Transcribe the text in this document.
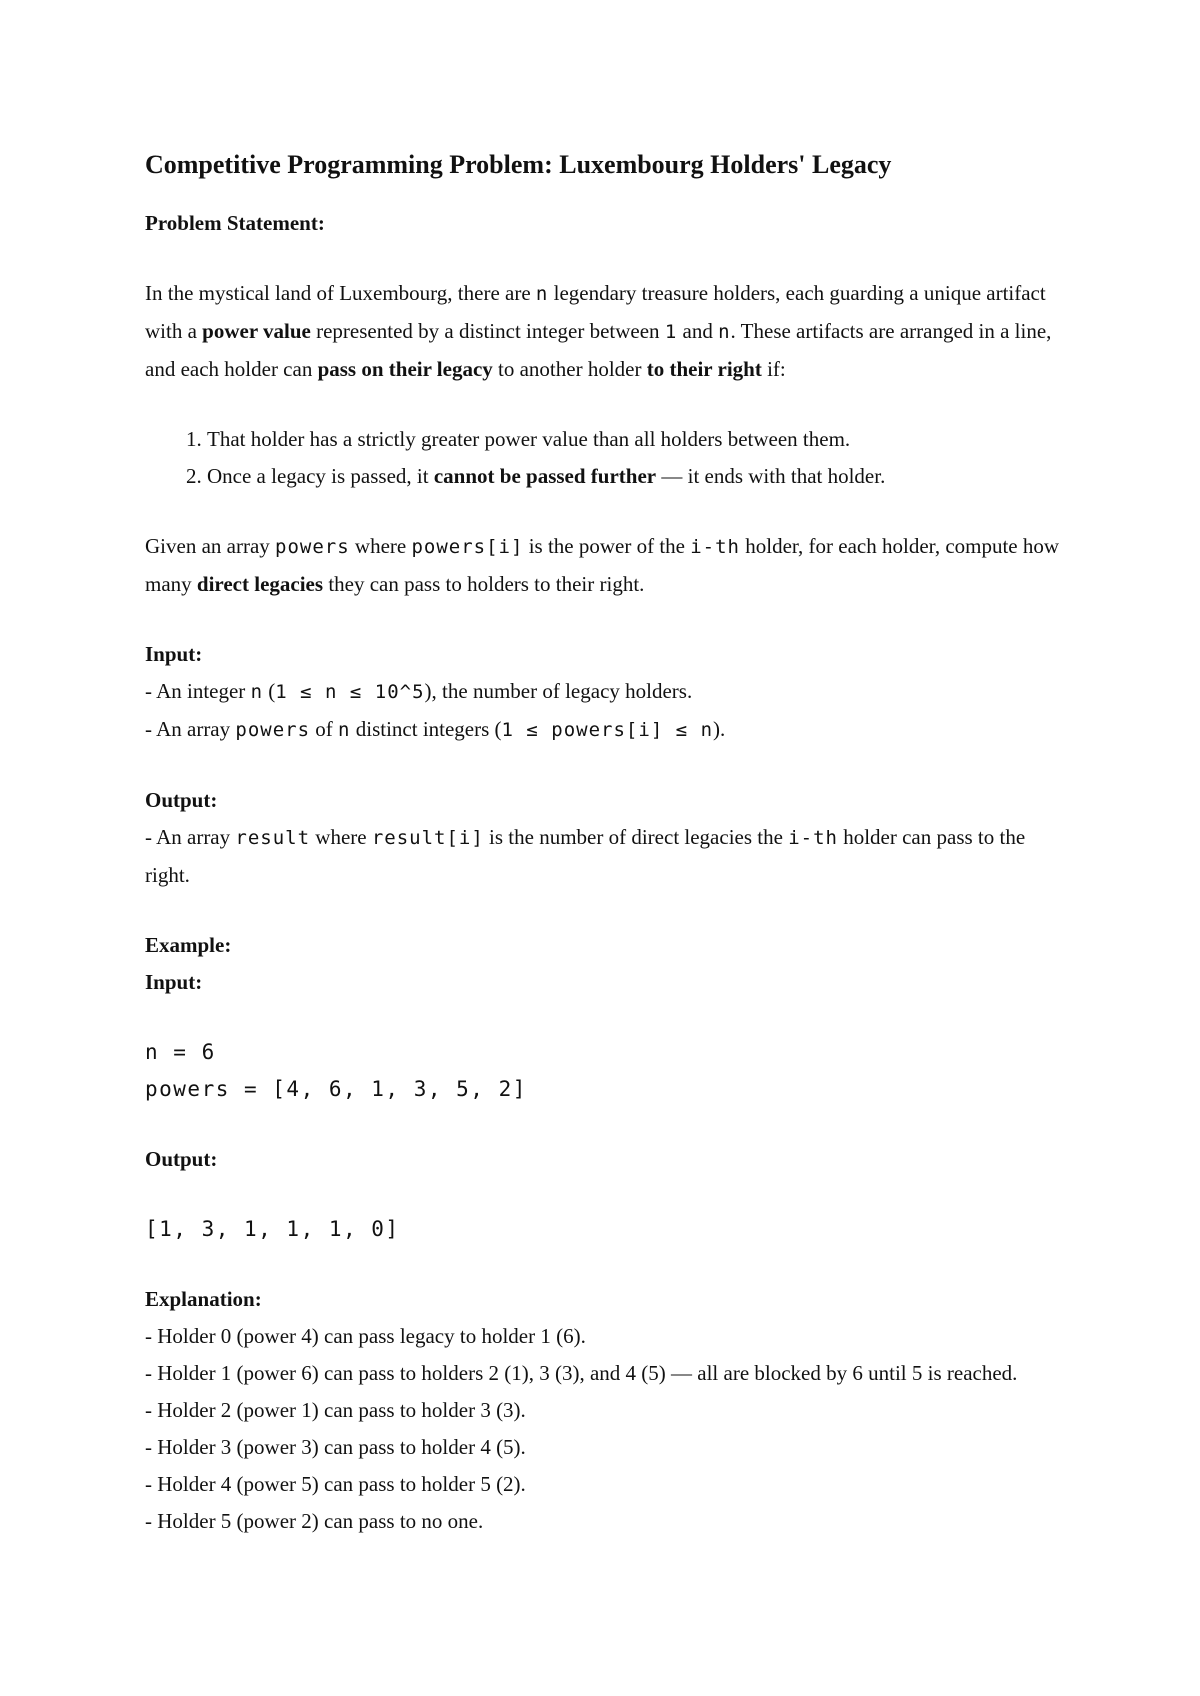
Competitive Programming Problem: Luxembourg Holders' Legacy

Problem Statement:

In the mystical land of Luxembourg, there are n legendary treasure holders, each guarding a unique artifact with a power value represented by a distinct integer between 1 and n. These artifacts are arranged in a line, and each holder can pass on their legacy to another holder to their right if:

1. That holder has a strictly greater power value than all holders between them.
2. Once a legacy is passed, it cannot be passed further — it ends with that holder.

Given an array powers where powers[i] is the power of the i-th holder, for each holder, compute how many direct legacies they can pass to holders to their right.

Input:

- An integer n (1 ≤ n ≤ 10^5), the number of legacy holders.

- An array powers of n distinct integers (1 ≤ powers[i] ≤ n).

Output:

- An array result where result[i] is the number of direct legacies the i-th holder can pass to the right.

Example:

Input:

n = 6
powers = [4, 6, 1, 3, 5, 2]

Output:

[1, 3, 1, 1, 1, 0]

Explanation:

- Holder 0 (power 4) can pass legacy to holder 1 (6).

- Holder 1 (power 6) can pass to holders 2 (1), 3 (3), and 4 (5) — all are blocked by 6 until 5 is reached.

- Holder 2 (power 1) can pass to holder 3 (3).

- Holder 3 (power 3) can pass to holder 4 (5).

- Holder 4 (power 5) can pass to holder 5 (2).

- Holder 5 (power 2) can pass to no one.
